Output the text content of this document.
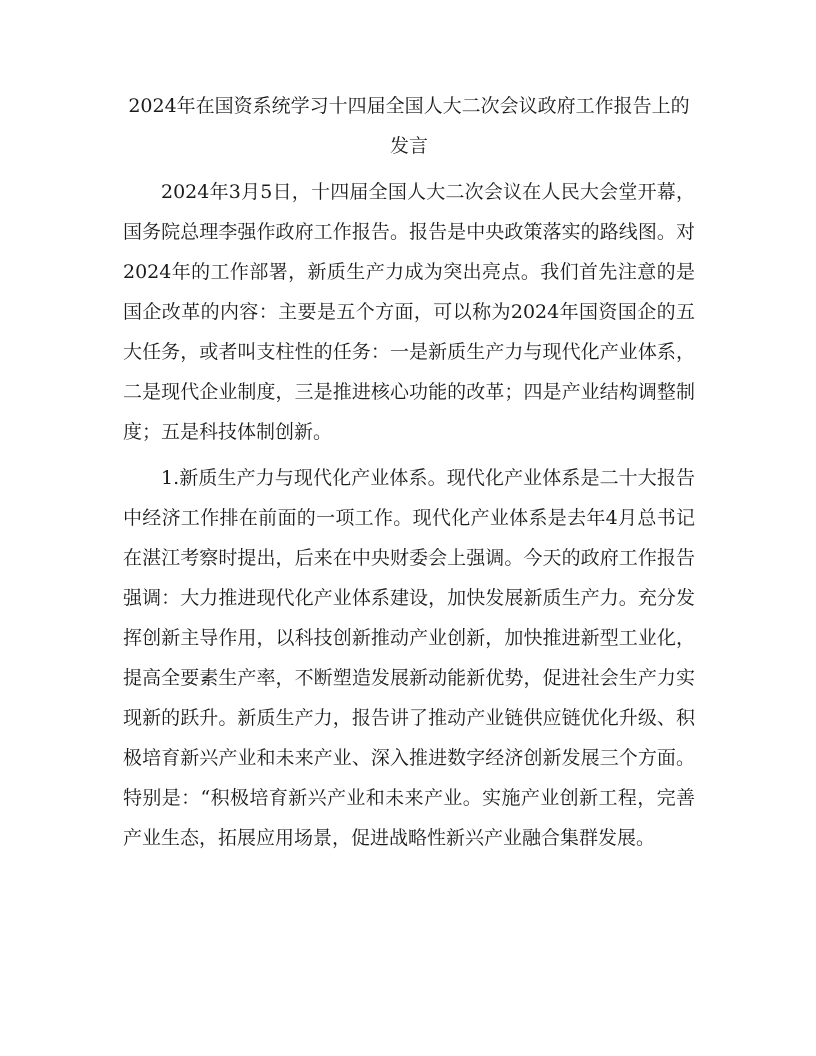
2024年在国资系统学习十四届全国人大二次会议政府工作报告上的发言

2024年3月5日，十四届全国人大二次会议在人民大会堂开幕，国务院总理李强作政府工作报告。报告是中央政策落实的路线图。对2024年的工作部署，新质生产力成为突出亮点。我们首先注意的是国企改革的内容：主要是五个方面，可以称为2024年国资国企的五大任务，或者叫支柱性的任务：一是新质生产力与现代化产业体系，二是现代企业制度，三是推进核心功能的改革；四是产业结构调整制度；五是科技体制创新。

1.新质生产力与现代化产业体系。现代化产业体系是二十大报告中经济工作排在前面的一项工作。现代化产业体系是去年4月总书记在湛江考察时提出，后来在中央财委会上强调。今天的政府工作报告强调：大力推进现代化产业体系建设，加快发展新质生产力。充分发挥创新主导作用，以科技创新推动产业创新，加快推进新型工业化，提高全要素生产率，不断塑造发展新动能新优势，促进社会生产力实现新的跃升。新质生产力，报告讲了推动产业链供应链优化升级、积极培育新兴产业和未来产业、深入推进数字经济创新发展三个方面。特别是：“积极培育新兴产业和未来产业。实施产业创新工程，完善产业生态，拓展应用场景，促进战略性新兴产业融合集群发展。
